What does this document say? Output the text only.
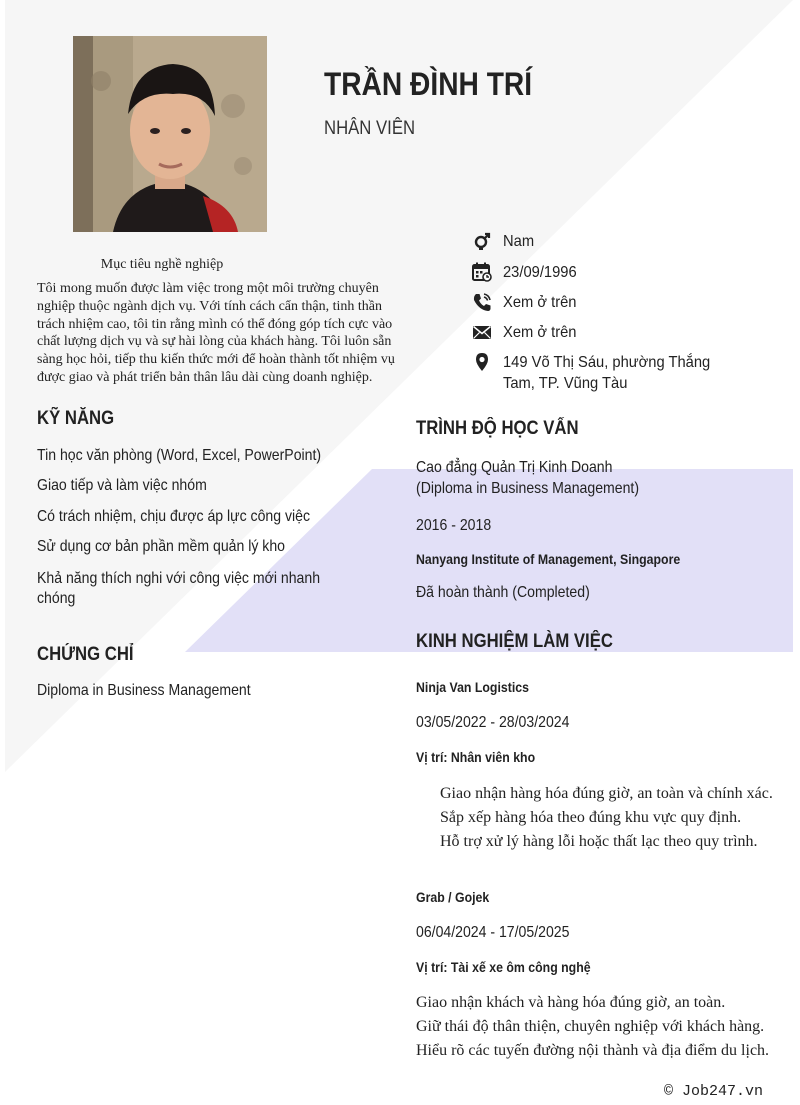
TRẦN ĐÌNH TRÍ
NHÂN VIÊN
Mục tiêu nghề nghiệp
Tôi mong muốn được làm việc trong một môi trường chuyên nghiệp thuộc ngành dịch vụ. Với tính cách cẩn thận, tinh thần trách nhiệm cao, tôi tin rằng mình có thể đóng góp tích cực vào chất lượng dịch vụ và sự hài lòng của khách hàng. Tôi luôn sẵn sàng học hỏi, tiếp thu kiến thức mới để hoàn thành tốt nhiệm vụ được giao và phát triển bản thân lâu dài cùng doanh nghiệp.
Nam
23/09/1996
Xem ở trên
Xem ở trên
149 Võ Thị Sáu, phường Thắng Tam, TP. Vũng Tàu
KỸ NĂNG
Tin học văn phòng (Word, Excel, PowerPoint)
Giao tiếp và làm việc nhóm
Có trách nhiệm, chịu được áp lực công việc
Sử dụng cơ bản phần mềm quản lý kho
Khả năng thích nghi với công việc mới nhanh chóng
CHỨNG CHỈ
Diploma in Business Management
TRÌNH ĐỘ HỌC VẤN
Cao đẳng Quản Trị Kinh Doanh
(Diploma in Business Management)
2016 - 2018
Nanyang Institute of Management, Singapore
Đã hoàn thành (Completed)
KINH NGHIỆM LÀM VIỆC
Ninja Van Logistics
03/05/2022 - 28/03/2024
Vị trí: Nhân viên kho
Giao nhận hàng hóa đúng giờ, an toàn và chính xác.
Sắp xếp hàng hóa theo đúng khu vực quy định.
Hỗ trợ xử lý hàng lỗi hoặc thất lạc theo quy trình.
Grab / Gojek
06/04/2024 - 17/05/2025
Vị trí: Tài xế xe ôm công nghệ
Giao nhận khách và hàng hóa đúng giờ, an toàn.
Giữ thái độ thân thiện, chuyên nghiệp với khách hàng.
Hiểu rõ các tuyến đường nội thành và địa điểm du lịch.
© Job247.vn
